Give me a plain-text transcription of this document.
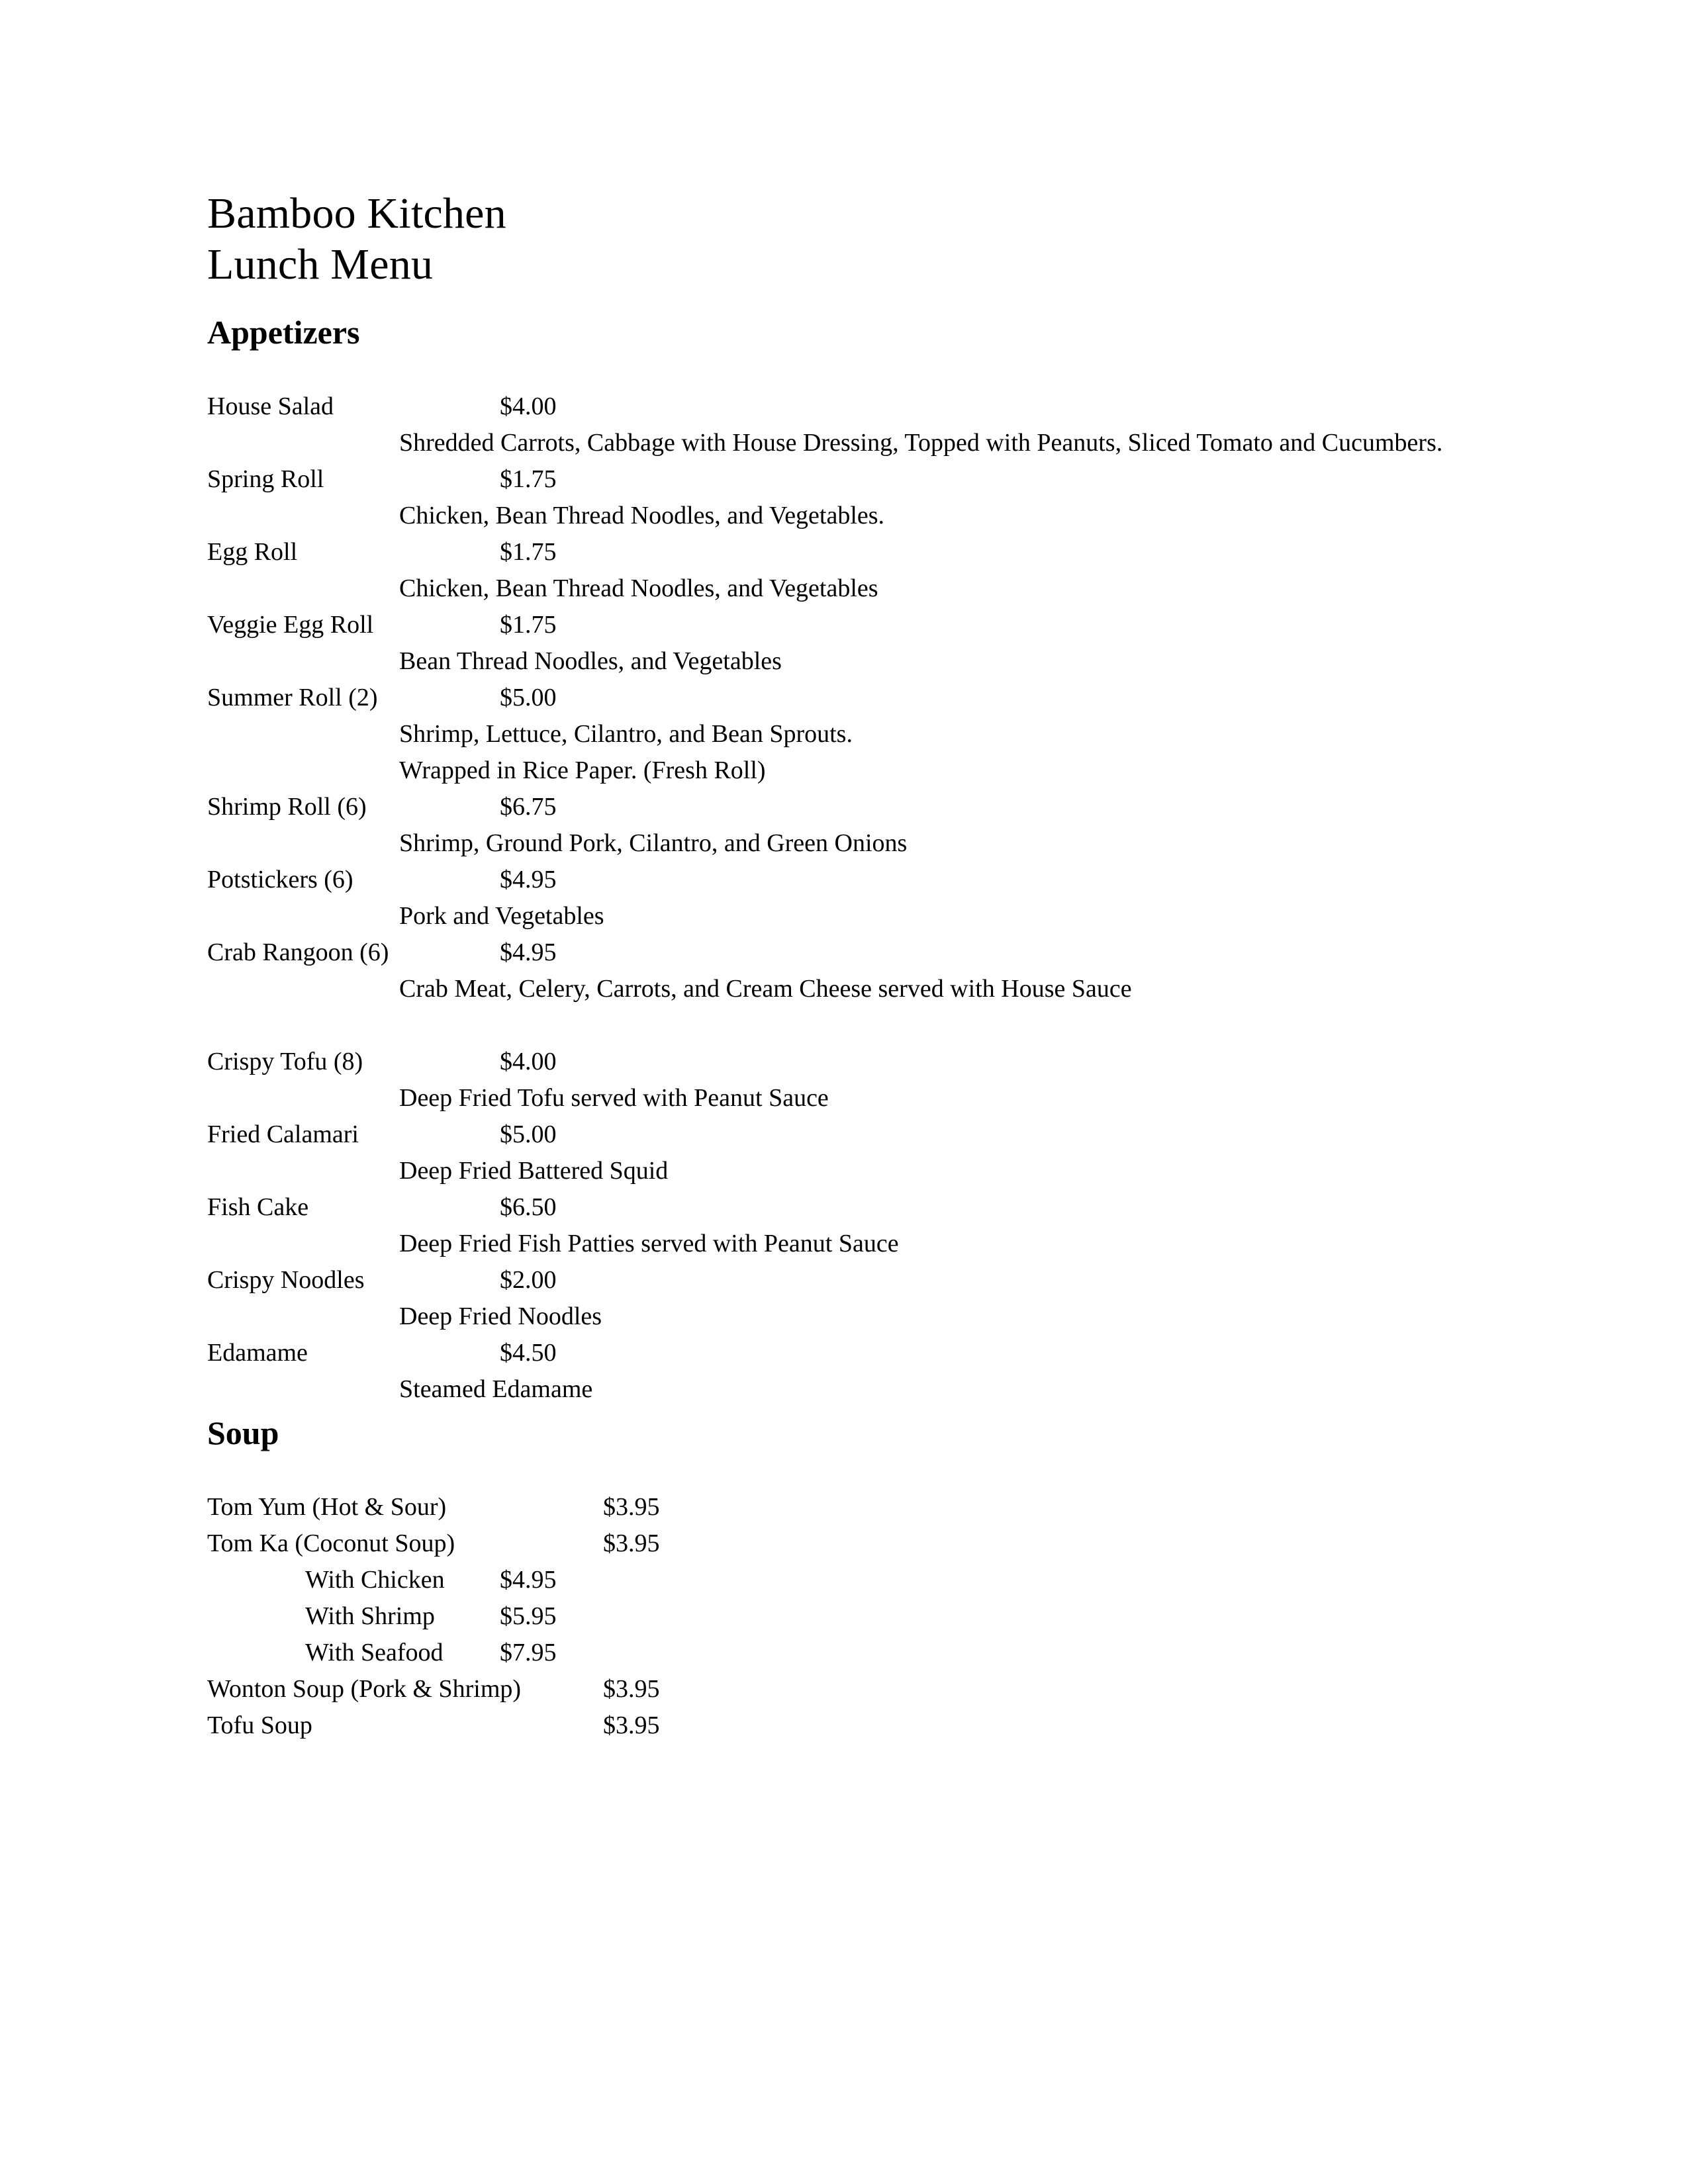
Bamboo Kitchen
Lunch Menu
Appetizers
House Salad	$4.00
Shredded Carrots, Cabbage with House Dressing, Topped with Peanuts, Sliced Tomato and Cucumbers.
Spring Roll	$1.75
Chicken, Bean Thread Noodles, and Vegetables.
Egg Roll	$1.75
Chicken, Bean Thread Noodles, and Vegetables
Veggie Egg Roll	$1.75
Bean Thread Noodles, and Vegetables
Summer Roll (2)	$5.00
Shrimp, Lettuce, Cilantro, and Bean Sprouts.
Wrapped in Rice Paper. (Fresh Roll)
Shrimp Roll (6)	$6.75
Shrimp, Ground Pork, Cilantro, and Green Onions
Potstickers (6)	$4.95
Pork and Vegetables
Crab Rangoon (6)	$4.95
Crab Meat, Celery, Carrots, and Cream Cheese served with House Sauce
Crispy Tofu (8)	$4.00
Deep Fried Tofu served with Peanut Sauce
Fried Calamari	$5.00
Deep Fried Battered Squid
Fish Cake	$6.50
Deep Fried Fish Patties served with Peanut Sauce
Crispy Noodles	$2.00
Deep Fried Noodles
Edamame	$4.50
Steamed Edamame
Soup
Tom Yum (Hot & Sour)	$3.95
Tom Ka (Coconut Soup)	$3.95
With Chicken $4.95
With Shrimp	$5.95
With Seafood $7.95
Wonton Soup (Pork & Shrimp)	$3.95
Tofu Soup	$3.95
